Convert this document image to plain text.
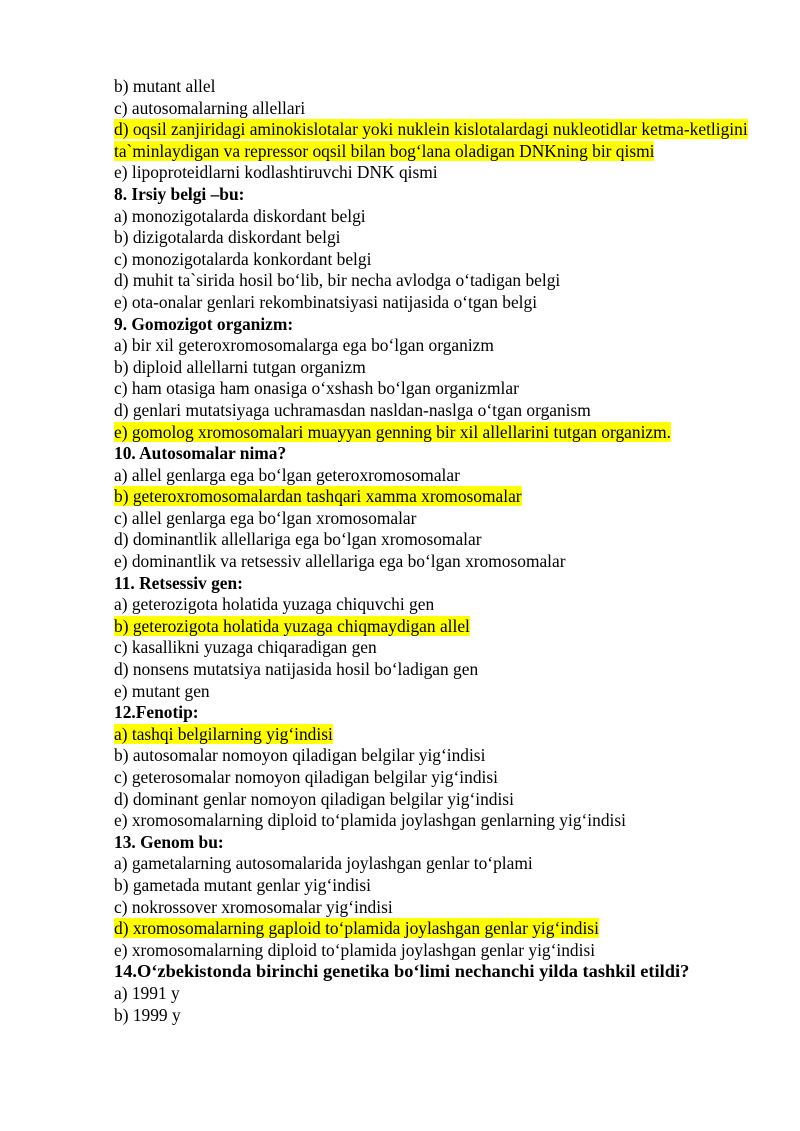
b) mutant allel
c) autosomalarning allellari
d) oqsil zanjiridagi aminokislotalar yoki nuklein kislotalardagi nukleotidlar ketma-ketligini ta`minlaydigan va repressor oqsil bilan bog‘lana oladigan DNKning bir qismi
e) lipoproteidlarni kodlashtiruvchi DNK qismi
8. Irsiy belgi –bu:
a) monozigotalarda diskordant belgi
b) dizigotalarda diskordant belgi
c) monozigotalarda konkordant belgi
d) muhit ta`sirida hosil bo‘lib, bir necha avlodga o‘tadigan belgi
e) ota-onalar genlari rekombinatsiyasi natijasida o‘tgan belgi
9. Gomozigot organizm:
a) bir xil geteroxromosomalarga ega bo‘lgan organizm
b) diploid allellarni tutgan organizm
c) ham otasiga ham onasiga o‘xshash bo‘lgan organizmlar
d) genlari mutatsiyaga uchramasdan nasldan-naslga o‘tgan organism
e) gomolog xromosomalari muayyan genning bir xil allellarini tutgan organizm.
10. Autosomalar nima?
a) allel genlarga ega bo‘lgan geteroxromosomalar
b) geteroxromosomalardan tashqari xamma xromosomalar
c) allel genlarga ega bo‘lgan xromosomalar
d) dominantlik allellariga ega bo‘lgan xromosomalar
e) dominantlik va retsessiv allellariga ega bo‘lgan xromosomalar
11. Retsessiv gen:
a) geterozigota holatida yuzaga chiquvchi gen
b) geterozigota holatida yuzaga chiqmaydigan allel
c) kasallikni yuzaga chiqaradigan gen
d) nonsens mutatsiya natijasida hosil bo‘ladigan gen
e) mutant gen
12.Fenotip:
a) tashqi belgilarning yig‘indisi
b) autosomalar nomoyon qiladigan belgilar yig‘indisi
c) geterosomalar nomoyon qiladigan belgilar yig‘indisi
d) dominant genlar nomoyon qiladigan belgilar yig‘indisi
e) xromosomalarning diploid to‘plamida joylashgan genlarning yig‘indisi
13. Genom bu:
a) gametalarning autosomalarida joylashgan genlar to‘plami
b) gametada mutant genlar yig‘indisi
c) nokrossover xromosomalar yig‘indisi
d) xromosomalarning gaploid to‘plamida joylashgan genlar yig‘indisi
e) xromosomalarning diploid to‘plamida joylashgan genlar yig‘indisi
14.O‘zbekistonda birinchi genetika bo‘limi nechanchi yilda tashkil etildi?
a) 1991 y
b) 1999 y
